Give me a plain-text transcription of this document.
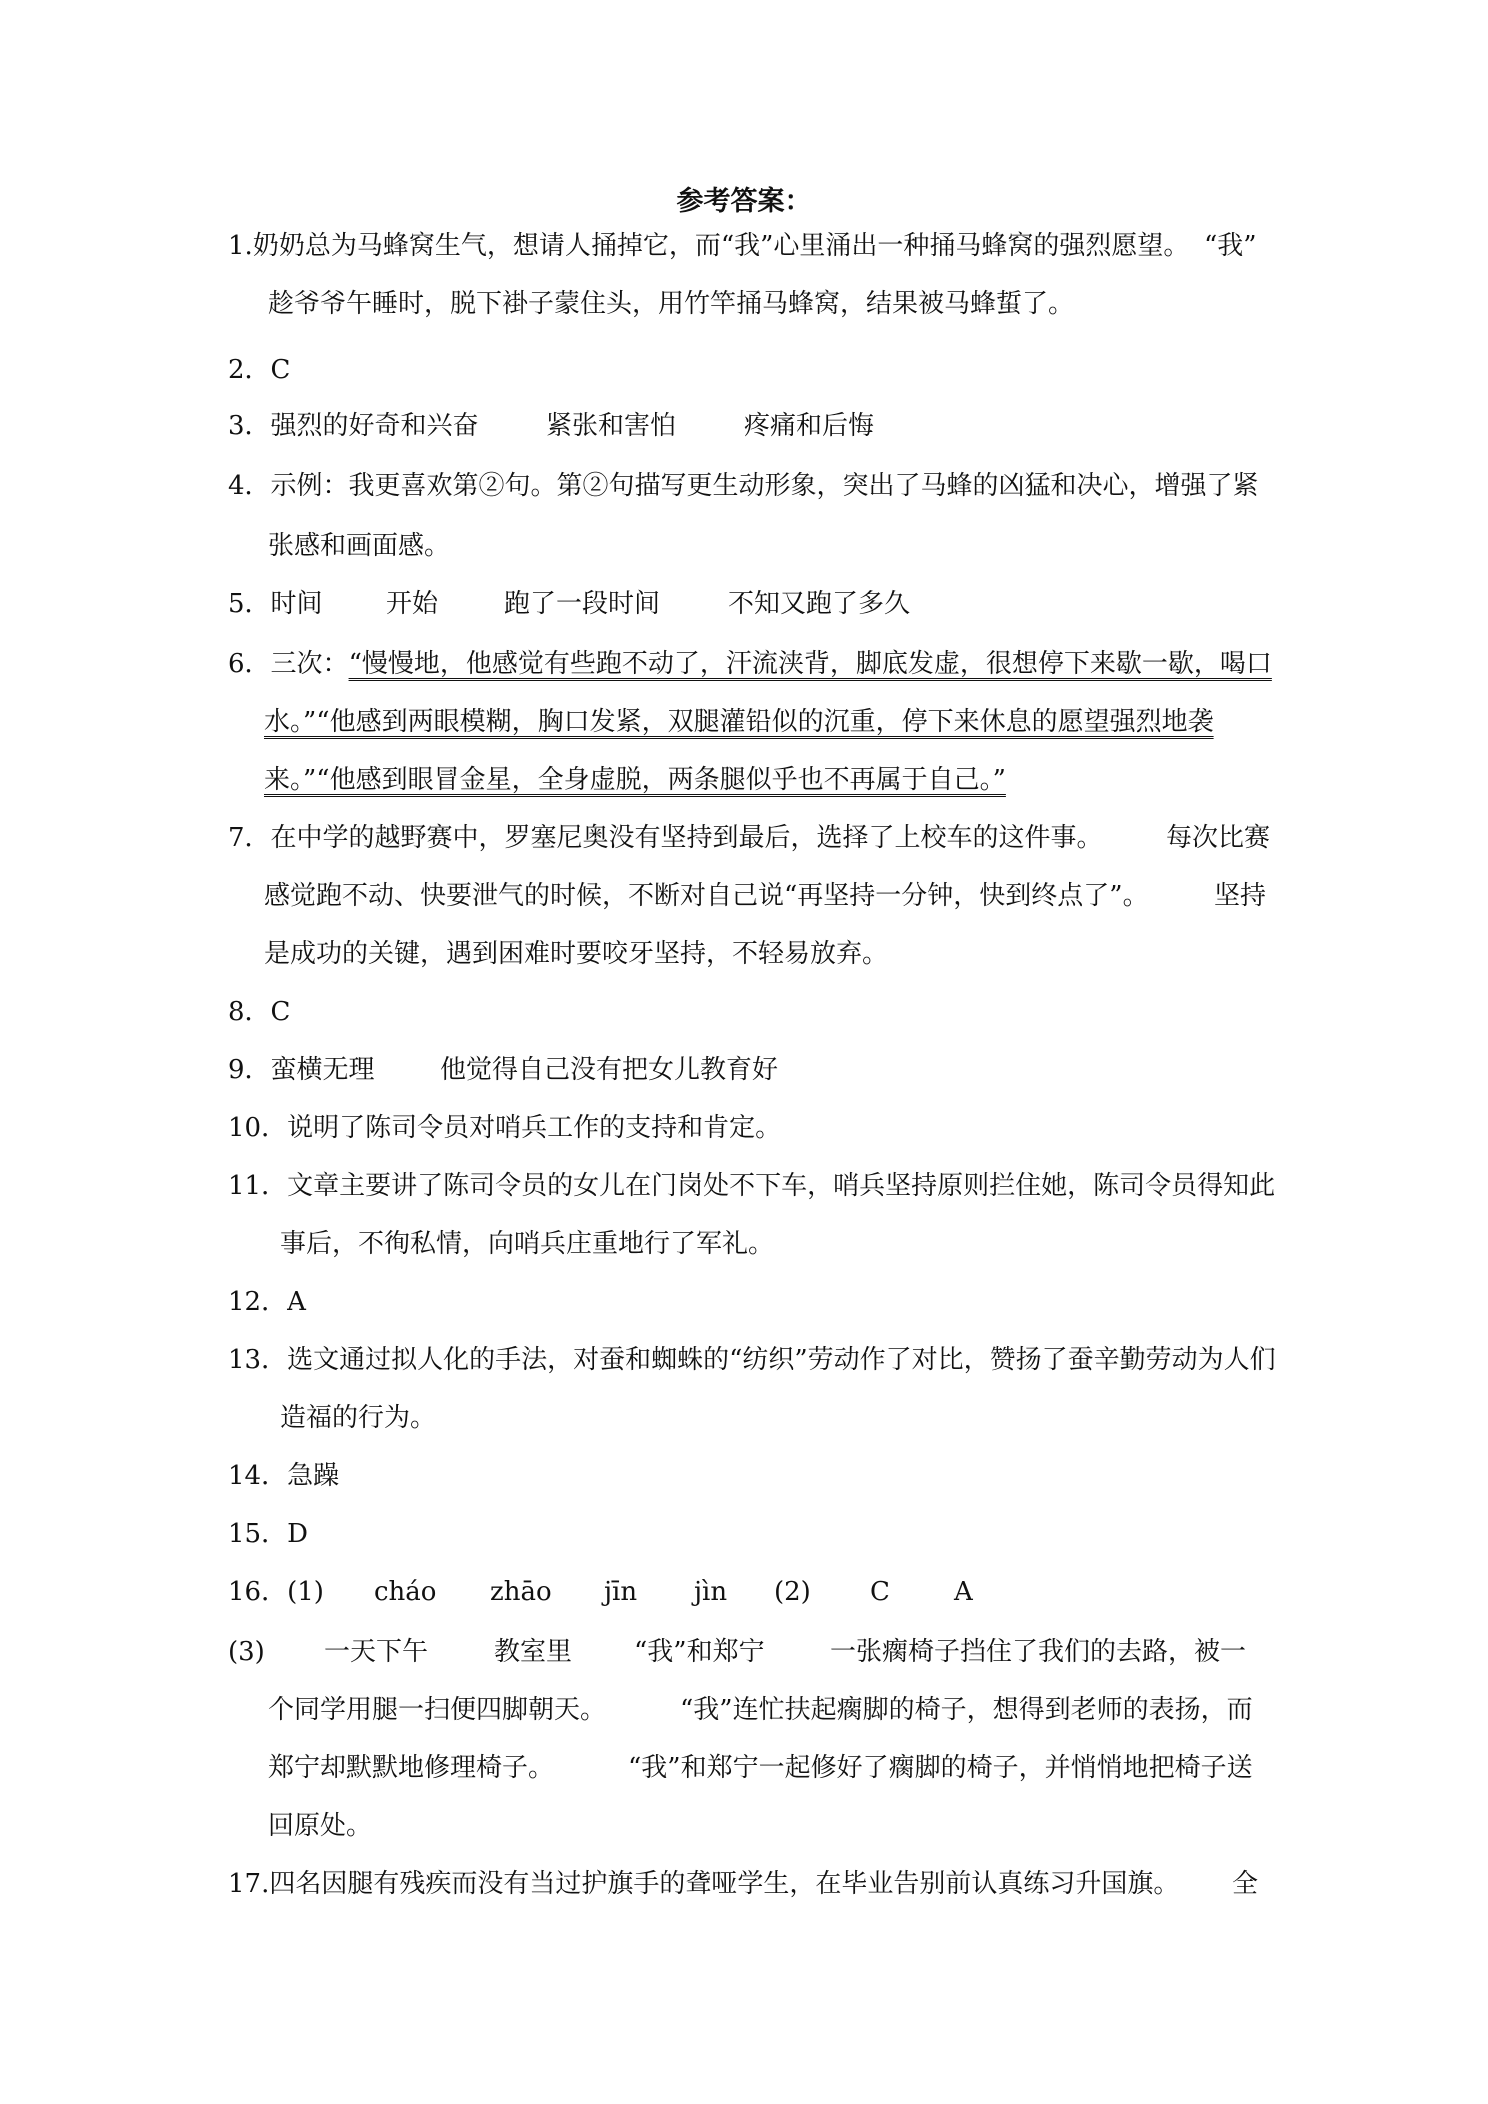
参考答案：
1.奶奶总为马蜂窝生气，想请人捅掉它，而“我”心里涌出一种捅马蜂窝的强烈愿望。 “我”
趁爷爷午睡时，脱下褂子蒙住头，用竹竿捅马蜂窝，结果被马蜂蜇了。
2．C
3．强烈的好奇和兴奋	紧张和害怕	疼痛和后悔
4．示例：我更喜欢第②句。第②句描写更生动形象，突出了马蜂的凶猛和决心，增强了紧
张感和画面感。
5．时间 开始	跑了一段时间	不知又跑了多久
6．三次：“慢慢地，他感觉有些跑不动了，汗流浃背，脚底发虚，很想停下来歇一歇，喝口
水。”“他感到两眼模糊，胸口发紧，双腿灌铅似的沉重，停下来休息的愿望强烈地袭
来。”“他感到眼冒金星，全身虚脱，两条腿似乎也不再属于自己。”
7．在中学的越野赛中，罗塞尼奥没有坚持到最后，选择了上校车的这件事。 每次比赛
感觉跑不动、快要泄气的时候，不断对自己说“再坚持一分钟，快到终点了”。	坚持
是成功的关键，遇到困难时要咬牙坚持，不轻易放弃。
8．C
9．蛮横无理	他觉得自己没有把女儿教育好
10．说明了陈司令员对哨兵工作的支持和肯定。
11．文章主要讲了陈司令员的女儿在门岗处不下车，哨兵坚持原则拦住她，陈司令员得知此
事后，不徇私情，向哨兵庄重地行了军礼。
12．A
13．选文通过拟人化的手法，对蚕和蜘蛛的“纺织”劳动作了对比，赞扬了蚕辛勤劳动为人们
造福的行为。
14．急躁
15．D
16．(1) cháo zhāo jīn jìn (2) C A
(3) 一天下午	教室里 “我”和郑宁	一张瘸椅子挡住了我们的去路，被一
个同学用腿一扫便四脚朝天。	“我”连忙扶起瘸脚的椅子，想得到老师的表扬，而
郑宁却默默地修理椅子。	“我”和郑宁一起修好了瘸脚的椅子，并悄悄地把椅子送
回原处。
17.四名因腿有残疾而没有当过护旗手的聋哑学生，在毕业告别前认真练习升国旗。 全
